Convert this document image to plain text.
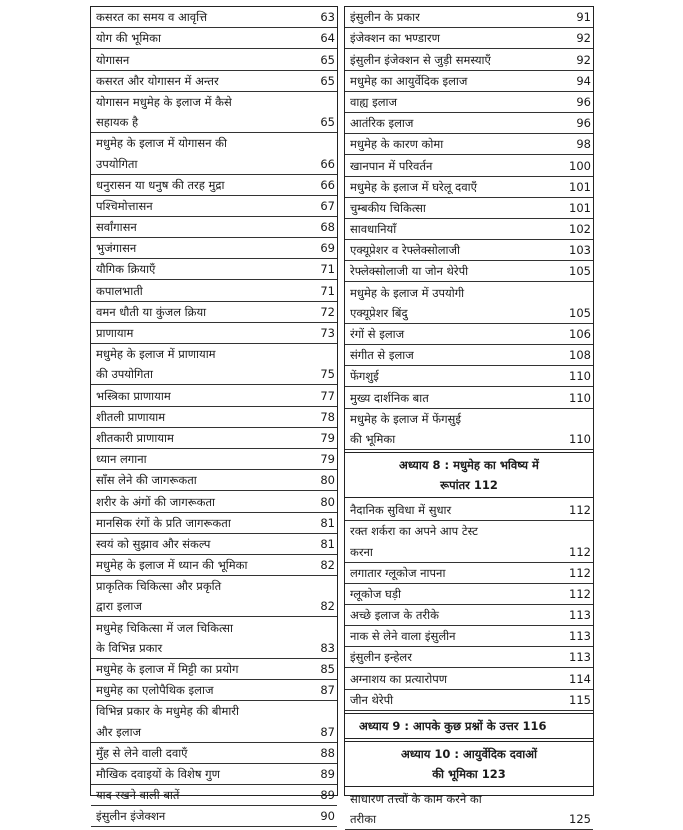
कसरत का समय व आवृत्ति	63
योग की भूमिका	64
योगासन	65
कसरत और योगासन में अन्तर	65
योगासन मधुमेह के इलाज में कैसे
सहायक है	65
मधुमेह के इलाज में योगासन की
उपयोगिता	66
धनुरासन या धनुष की तरह मुद्रा	66
पश्चिमोत्तासन	67
सर्वांगासन	68
भुजंगासन	69
यौगिक क्रियाएँ	71
कपालभाती	71
वमन धौती या कुंजल क्रिया	72
प्राणायाम	73
मधुमेह के इलाज में प्राणायाम
की उपयोगिता	75
भस्त्रिका प्राणायाम	77
शीतली प्राणायाम	78
शीतकारी प्राणायाम	79
ध्यान लगाना	79
साँस लेने की जागरूकता	80
शरीर के अंगों की जागरूकता	80
मानसिक रंगों के प्रति जागरूकता	81
स्वयं को सुझाव और संकल्प	81
मधुमेह के इलाज में ध्यान की भूमिका	82
प्राकृतिक चिकित्सा और प्रकृति
द्वारा इलाज	82
मधुमेह चिकित्सा में जल चिकित्सा
के विभिन्न प्रकार	83
मधुमेह के इलाज में मिट्टी का प्रयोग	85
मधुमेह का एलोपैथिक इलाज	87
विभिन्न प्रकार के मधुमेह की बीमारी
और इलाज	87
मुँह से लेने वाली दवाएँ	88
मौखिक दवाइयों के विशेष गुण	89
याद रखने वाली बातें	89
इंसुलीन इंजेक्शन	90
इंसुलीन के प्रकार	91
इंजेक्शन का भण्डारण	92
इंसुलीन इंजेक्शन से जुड़ी समस्याएँ	92
मधुमेह का आयुर्वेदिक इलाज	94
वाह्य इलाज	96
आतंरिक इलाज	96
मधुमेह के कारण कोमा	98
खानपान में परिवर्तन	100
मधुमेह के इलाज में घरेलू दवाएँ	101
चुम्बकीय चिकित्सा	101
सावधानियाँ	102
एक्यूप्रेशर व रेफ्लेक्सोलाजी	103
रेफ्लेक्सोलाजी या जोन थेरेपी	105
मधुमेह के इलाज में उपयोगी
एक्यूप्रेशर बिंदु	105
रंगों से इलाज	106
संगीत से इलाज	108
फेंगशुई	110
मुख्य दार्शनिक बात	110
मधुमेह के इलाज में फेंगसुई
की भूमिका	110
अध्याय 8 : मधुमेह का भविष्य में
रूपांतर 112
नैदानिक सुविधा में सुधार	112
रक्त शर्करा का अपने आप टेस्ट
करना	112
लगातार ग्लूकोज नापना	112
ग्लूकोज घड़ी	112
अच्छे इलाज के तरीके	113
नाक से लेने वाला इंसुलीन	113
इंसुलीन इन्हेलर	113
अग्नाशय का प्रत्यारोपण	114
जीन थेरेपी	115
अध्याय 9 : आपके कुछ प्रश्नों के उत्तर 116
अध्याय 10 : आयुर्वेदिक दवाओं
की भूमिका 123
साधारण तत्त्वों के काम करने का
तरीका	125
